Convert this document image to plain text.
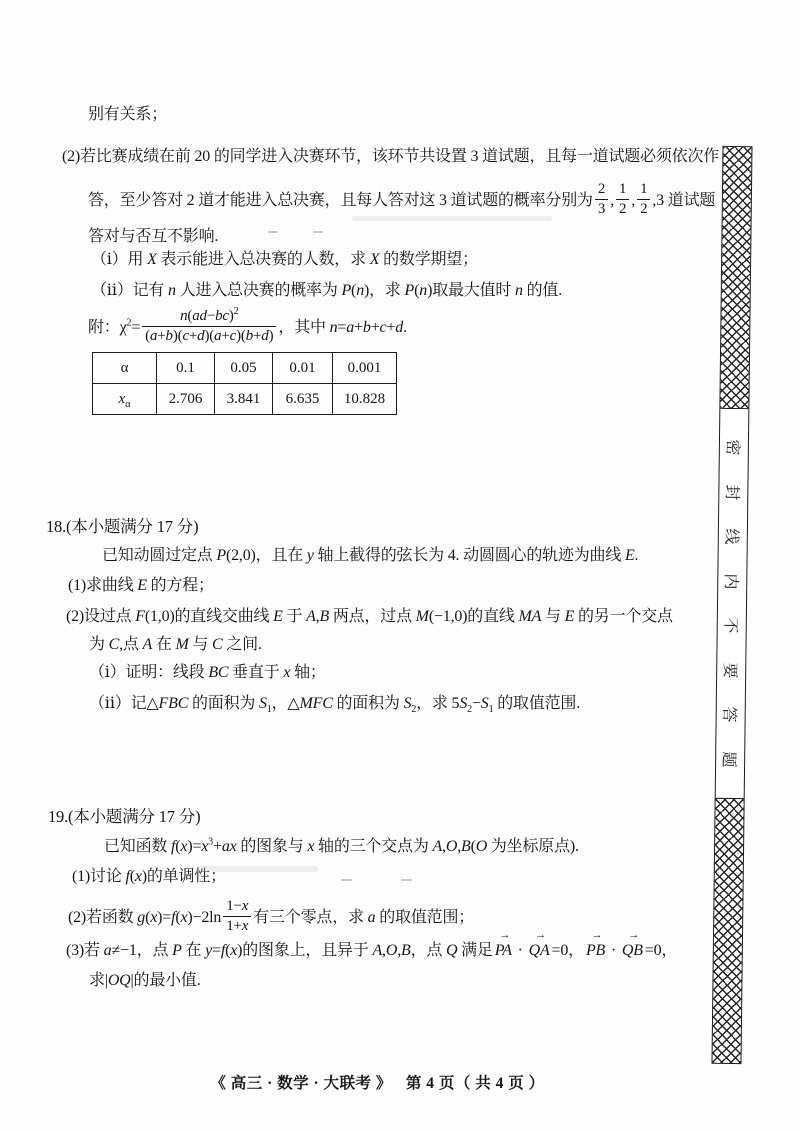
别有关系；
(2)若比赛成绩在前 20 的同学进入决赛环节，该环节共设置 3 道试题，且每一道试题必须依次作
答，至少答对 2 道才能进入总决赛，且每人答对这 3 道试题的概率分别为 $\frac{2}{3}$ , $\frac{1}{2}$ , $\frac{1}{2} ,3$ 道试题
答对与否互不影响.
（ⅰ）用 X 表示能进入总决赛的人数，求 X 的数学期望；
（ⅱ）记有 n 人进入总决赛的概率为 P(n)，求 P(n)取最大值时 n 的值.
附：$\chi^2= \frac{n(ad-bc)^2}{(a+b)(c+d)(a+c)(b+d)}$ ，其中 n=a+b+c+d.
α	0.1	0.05	0.01	0.001
$x_\alpha$	2.706	3.841	6.635	10.828
18.(本小题满分 17 分)
已知动圆过定点 P(2,0)，且在 y 轴上截得的弦长为 4. 动圆圆心的轨迹为曲线 E.
(1)求曲线 E 的方程；
(2)设过点 F(1,0)的直线交曲线 E 于 A,B 两点，过点 M(−1,0)的直线 MA 与 E 的另一个交点
为 C,点 A 在 M 与 C 之间.
（ⅰ）证明：线段 BC 垂直于 x 轴；
（ⅱ）记△FBC 的面积为 $S_1$，△MFC 的面积为 $S_2$，求 $5S_2-S_1$ 的取值范围.
19.(本小题满分 17 分)
已知函数 $f(x)=x^3+ax$ 的图象与 x 轴的三个交点为 A,O,B(O 为坐标原点).
(1)讨论 f(x)的单调性；
(2)若函数 $g(x)=f(x)-2\ln \frac{1-x}{1+x}$ 有三个零点，求 a 的取值范围；
(3)若 a≠−1，点 P 在 y=f(x)的图象上，且异于 A,O,B，点 Q 满足
→
PA ·
→
QA =0，
→
PB ·
→
QB =0，
求|OQ|的最小值.
密
封
线
内
不
要
答
题
《 高三 · 数学 · 大联考 》 第 4 页（ 共 4 页 ）
